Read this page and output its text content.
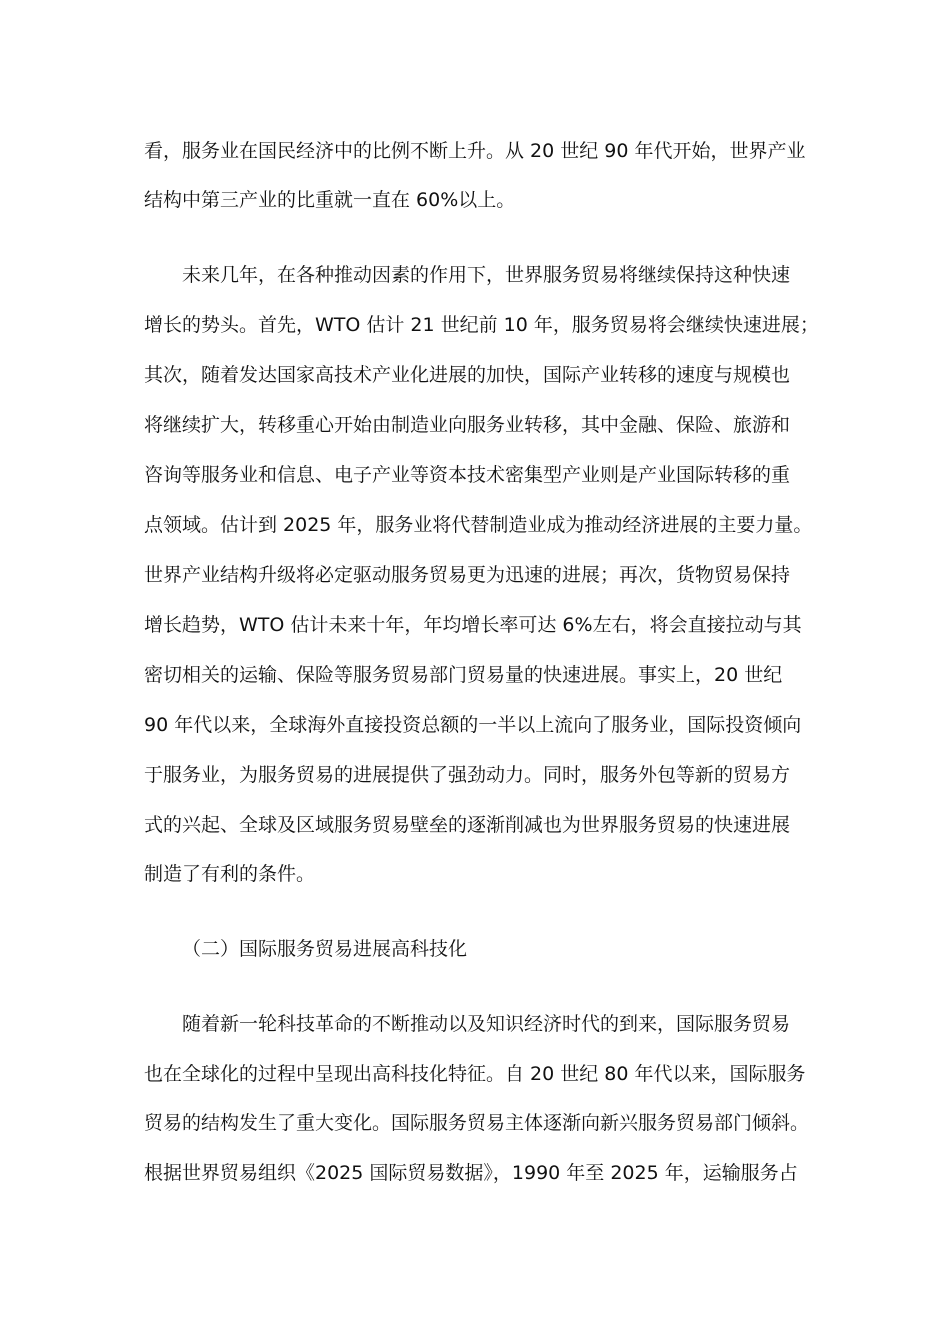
看，服务业在国民经济中的比例不断上升。从 20 世纪 90 年代开始，世界产业
结构中第三产业的比重就一直在 60%以上。
未来几年，在各种推动因素的作用下，世界服务贸易将继续保持这种快速
增长的势头。首先，WTO 估计 21 世纪前 10 年，服务贸易将会继续快速进展；
其次，随着发达国家高技术产业化进展的加快，国际产业转移的速度与规模也
将继续扩大，转移重心开始由制造业向服务业转移，其中金融、保险、旅游和
咨询等服务业和信息、电子产业等资本技术密集型产业则是产业国际转移的重
点领域。估计到 2025 年，服务业将代替制造业成为推动经济进展的主要力量。
世界产业结构升级将必定驱动服务贸易更为迅速的进展；再次，货物贸易保持
增长趋势，WTO 估计未来十年，年均增长率可达 6%左右，将会直接拉动与其
密切相关的运输、保险等服务贸易部门贸易量的快速进展。事实上，20 世纪
90 年代以来，全球海外直接投资总额的一半以上流向了服务业，国际投资倾向
于服务业，为服务贸易的进展提供了强劲动力。同时，服务外包等新的贸易方
式的兴起、全球及区域服务贸易壁垒的逐渐削减也为世界服务贸易的快速进展
制造了有利的条件。
（二）国际服务贸易进展高科技化
随着新一轮科技革命的不断推动以及知识经济时代的到来，国际服务贸易
也在全球化的过程中呈现出高科技化特征。自 20 世纪 80 年代以来，国际服务
贸易的结构发生了重大变化。国际服务贸易主体逐渐向新兴服务贸易部门倾斜。
根据世界贸易组织《2025 国际贸易数据》，1990 年至 2025 年，运输服务占
